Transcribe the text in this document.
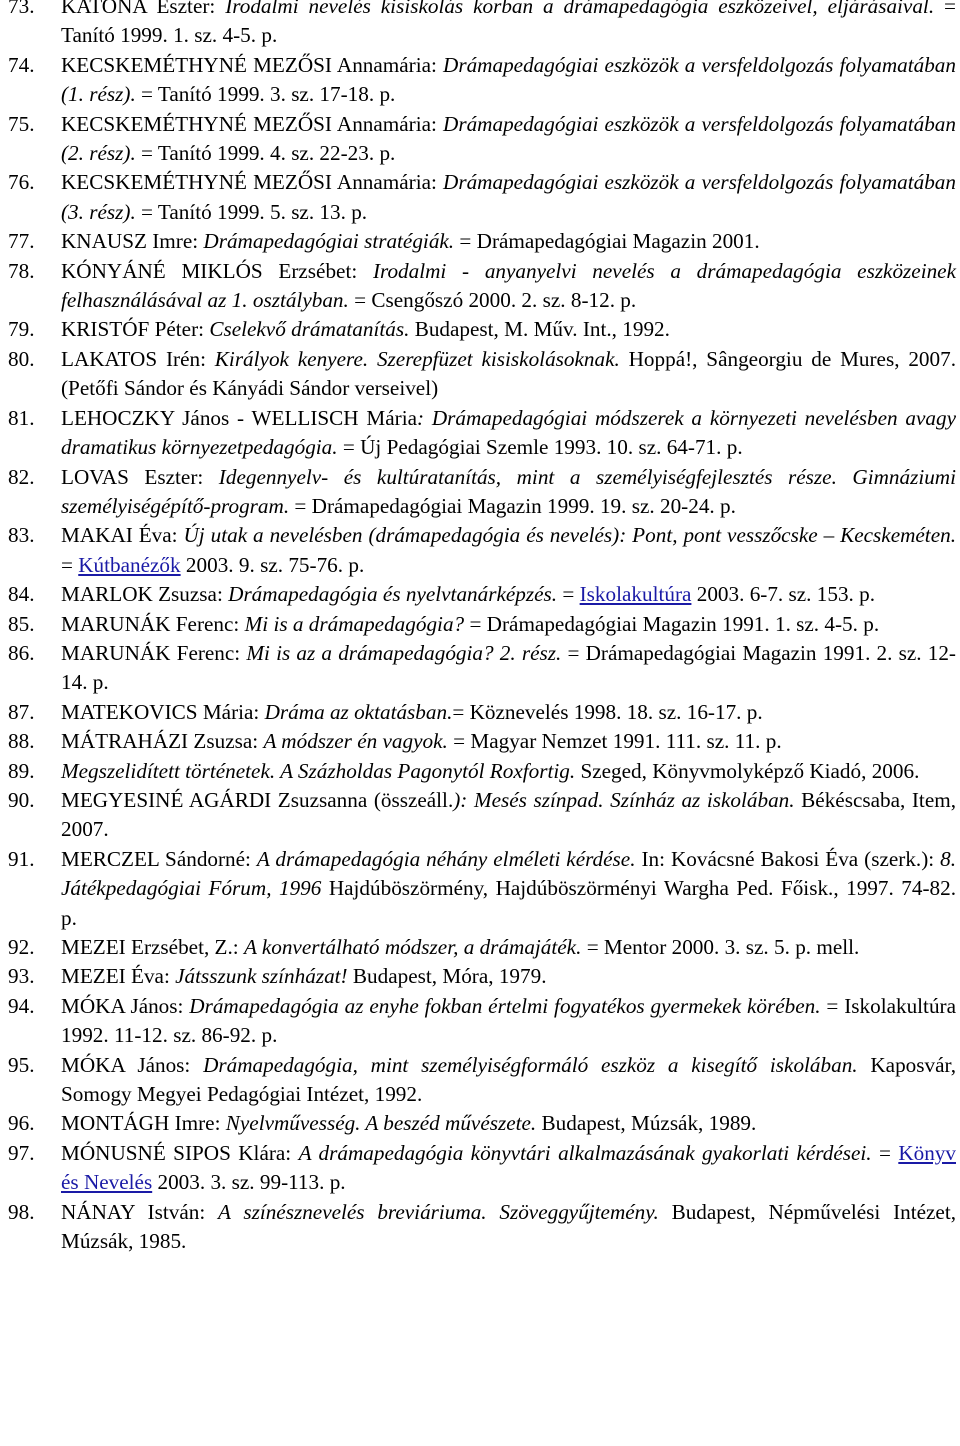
73. KATONA Eszter: Irodalmi nevelés kisiskolás korban a drámapedagógia eszközeivel, eljárásaival. = Tanító 1999. 1. sz. 4-5. p.
74. KECSKEMÉTHYNÉ MEZŐSI Annamária: Drámapedagógiai eszközök a versfeldolgozás folyamatában (1. rész). = Tanító 1999. 3. sz. 17-18. p.
75. KECSKEMÉTHYNÉ MEZŐSI Annamária: Drámapedagógiai eszközök a versfeldolgozás folyamatában (2. rész). = Tanító 1999. 4. sz. 22-23. p.
76. KECSKEMÉTHYNÉ MEZŐSI Annamária: Drámapedagógiai eszközök a versfeldolgozás folyamatában (3. rész). = Tanító 1999. 5. sz. 13. p.
77. KNAUSZ Imre: Drámapedagógiai stratégiák. = Drámapedagógiai Magazin 2001.
78. KÓNYÁNÉ MIKLÓS Erzsébet: Irodalmi - anyanyelvi nevelés a drámapedagógia eszközeinek felhasználásával az 1. osztályban. = Csengőszó 2000. 2. sz. 8-12. p.
79. KRISTÓF Péter: Cselekvő drámatanítás. Budapest, M. Műv. Int., 1992.
80. LAKATOS Irén: Királyok kenyere. Szerepfüzet kisiskolásoknak. Hoppá!, Sângeorgiu de Mures, 2007.(Petőfi Sándor és Kányádi Sándor verseivel)
81. LEHOCZKY János - WELLISCH Mária: Drámapedagógiai módszerek a környezeti nevelésben avagy dramatikus környezetpedagógia. = Új Pedagógiai Szemle 1993. 10. sz. 64-71. p.
82. LOVAS Eszter: Idegennyelv- és kultúratanítás, mint a személyiségfejlesztés része. Gimnáziumi személyiségépítő-program. = Drámapedagógiai Magazin 1999. 19. sz. 20-24. p.
83. MAKAI Éva: Új utak a nevelésben (drámapedagógia és nevelés): Pont, pont vesszőcske – Kecskeméten. = Kútbanézők 2003. 9. sz. 75-76. p.
84. MARLOK Zsuzsa: Drámapedagógia és nyelvtanárképzés. = Iskolakultúra 2003. 6-7. sz. 153. p.
85. MARUNÁK Ferenc: Mi is a drámapedagógia? = Drámapedagógiai Magazin 1991. 1. sz. 4-5. p.
86. MARUNÁK Ferenc: Mi is az a drámapedagógia? 2. rész. = Drámapedagógiai Magazin 1991. 2. sz. 12-14. p.
87. MATEKOVICS Mária: Dráma az oktatásban.= Köznevelés 1998. 18. sz. 16-17. p.
88. MÁTRAHÁZI Zsuzsa: A módszer én vagyok. = Magyar Nemzet 1991. 111. sz. 11. p.
89. Megszelidített történetek. A Százholdas Pagonytól Roxfortig. Szeged, Könyvmolyképző Kiadó, 2006.
90. MEGYESINÉ AGÁRDI Zsuzsanna (összeáll.): Mesés színpad. Színház az iskolában. Békéscsaba, Item, 2007.
91. MERCZEL Sándorné: A drámapedagógia néhány elméleti kérdése. In: Kovácsné Bakosi Éva (szerk.): 8. Játékpedagógiai Fórum, 1996 Hajdúböszörmény, Hajdúböszörményi Wargha Ped. Főisk., 1997. 74-82. p.
92. MEZEI Erzsébet, Z.: A konvertálható módszer, a drámajáték. = Mentor 2000. 3. sz. 5. p. mell.
93. MEZEI Éva: Játsszunk színházat! Budapest, Móra, 1979.
94. MÓKA János: Drámapedagógia az enyhe fokban értelmi fogyatékos gyermekek körében. = Iskolakultúra 1992. 11-12. sz. 86-92. p.
95. MÓKA János: Drámapedagógia, mint személyiségformáló eszköz a kisegítő iskolában. Kaposvár, Somogy Megyei Pedagógiai Intézet, 1992.
96. MONTÁGH Imre: Nyelvművesség. A beszéd művészete. Budapest, Múzsák, 1989.
97. MÓNUSNÉ SIPOS Klára: A drámapedagógia könyvtári alkalmazásának gyakorlati kérdései. = Könyv és Nevelés 2003. 3. sz. 99-113. p.
98. NÁNAY István: A színésznevelés breviáriuma. Szöveggyűjtemény. Budapest, Népművelési Intézet, Múzsák, 1985.
